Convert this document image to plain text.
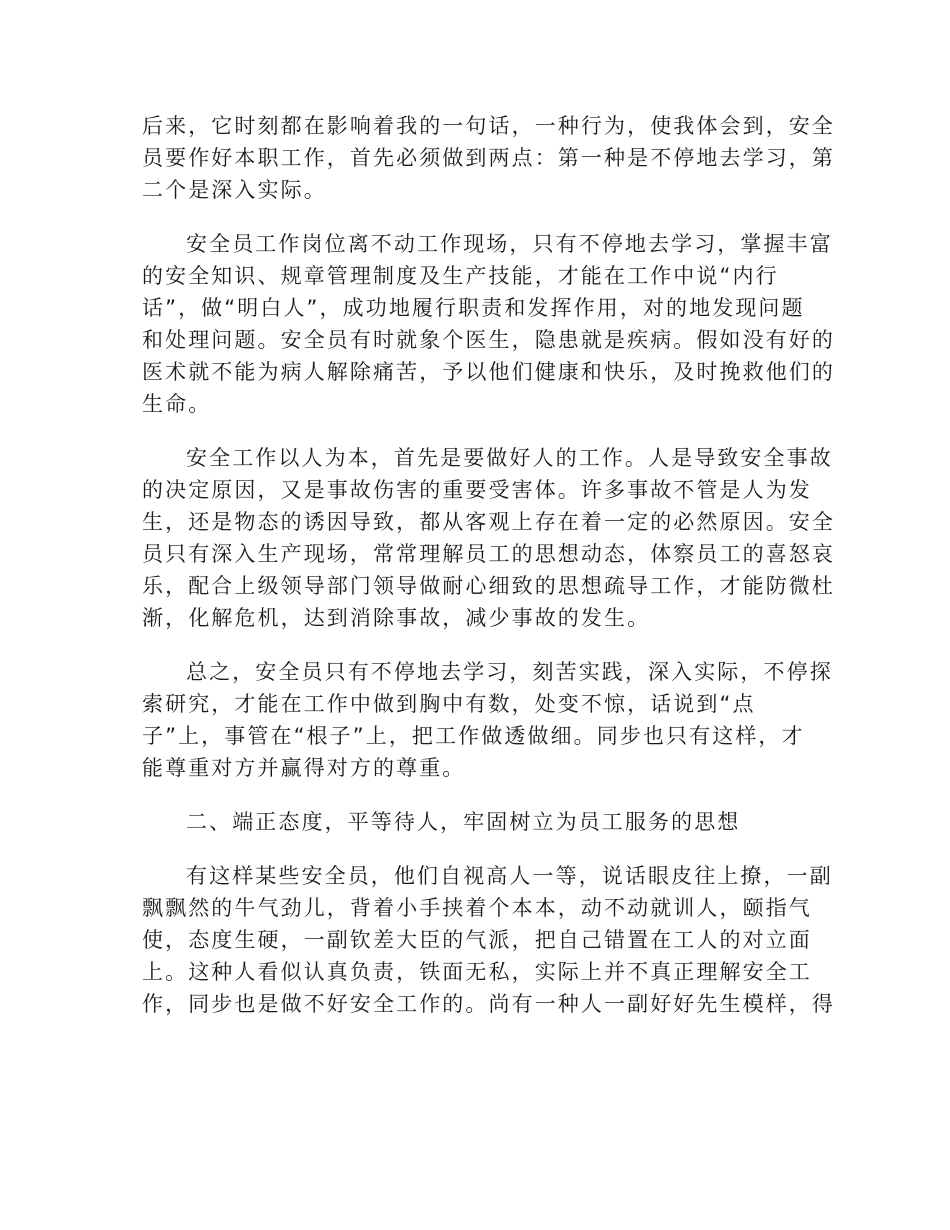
后来，它时刻都在影响着我的一句话，一种行为，使我体会到，安全
员要作好本职工作，首先必须做到两点：第一种是不停地去学习，第
二个是深入实际。
安全员工作岗位离不动工作现场，只有不停地去学习，掌握丰富
的安全知识、规章管理制度及生产技能，才能在工作中说“内行
话”，做“明白人”，成功地履行职责和发挥作用，对的地发现问题
和处理问题。安全员有时就象个医生，隐患就是疾病。假如没有好的
医术就不能为病人解除痛苦，予以他们健康和快乐，及时挽救他们的
生命。
安全工作以人为本，首先是要做好人的工作。人是导致安全事故
的决定原因，又是事故伤害的重要受害体。许多事故不管是人为发
生，还是物态的诱因导致，都从客观上存在着一定的必然原因。安全
员只有深入生产现场，常常理解员工的思想动态，体察员工的喜怒哀
乐，配合上级领导部门领导做耐心细致的思想疏导工作，才能防微杜
渐，化解危机，达到消除事故，减少事故的发生。
总之，安全员只有不停地去学习，刻苦实践，深入实际，不停探
索研究，才能在工作中做到胸中有数，处变不惊，话说到“点
子”上，事管在“根子”上，把工作做透做细。同步也只有这样，才
能尊重对方并赢得对方的尊重。
二、端正态度，平等待人，牢固树立为员工服务的思想
有这样某些安全员，他们自视高人一等，说话眼皮往上撩，一副
飘飘然的牛气劲儿，背着小手挟着个本本，动不动就训人，颐指气
使，态度生硬，一副钦差大臣的气派，把自己错置在工人的对立面
上。这种人看似认真负责，铁面无私，实际上并不真正理解安全工
作，同步也是做不好安全工作的。尚有一种人一副好好先生模样，得
